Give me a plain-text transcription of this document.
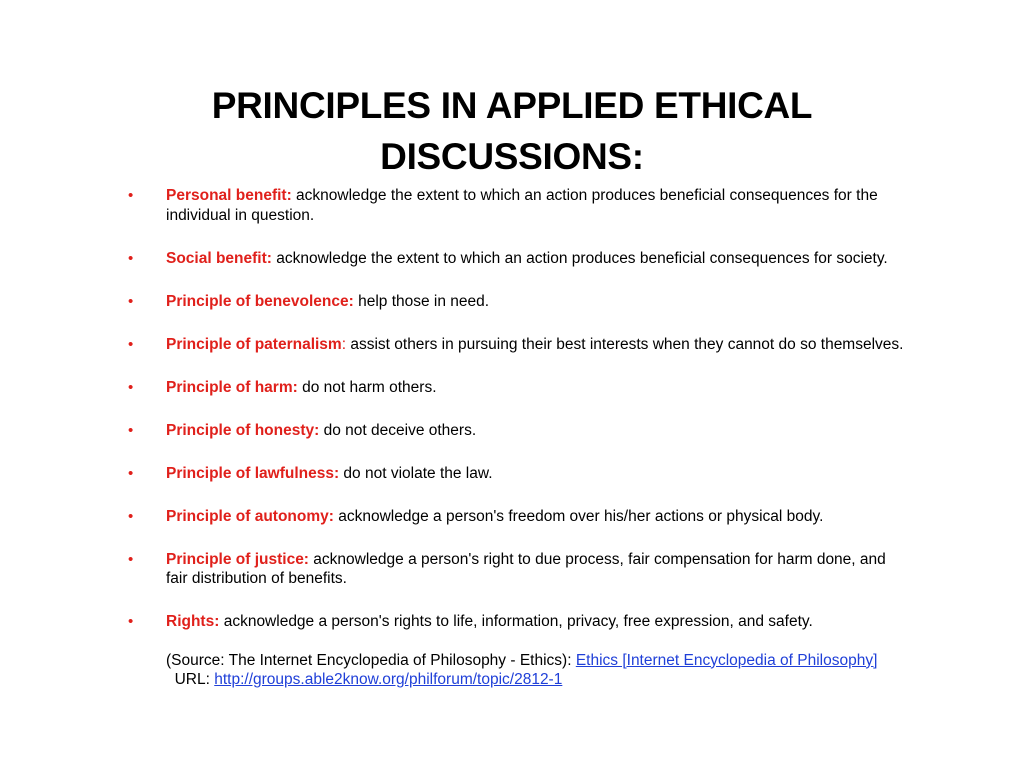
PRINCIPLES IN APPLIED ETHICAL
DISCUSSIONS:
• Personal benefit: acknowledge the extent to which an action produces beneficial consequences for the individual in question.
• Social benefit: acknowledge the extent to which an action produces beneficial consequences for society.
• Principle of benevolence: help those in need.
• Principle of paternalism: assist others in pursuing their best interests when they cannot do so themselves.
• Principle of harm: do not harm others.
• Principle of honesty: do not deceive others.
• Principle of lawfulness: do not violate the law.
• Principle of autonomy: acknowledge a person's freedom over his/her actions or physical body.
• Principle of justice: acknowledge a person's right to due process, fair compensation for harm done, and fair distribution of benefits.
• Rights: acknowledge a person's rights to life, information, privacy, free expression, and safety.
(Source: The Internet Encyclopedia of Philosophy - Ethics): Ethics [Internet Encyclopedia of Philosophy]  URL: http://groups.able2know.org/philforum/topic/2812-1
